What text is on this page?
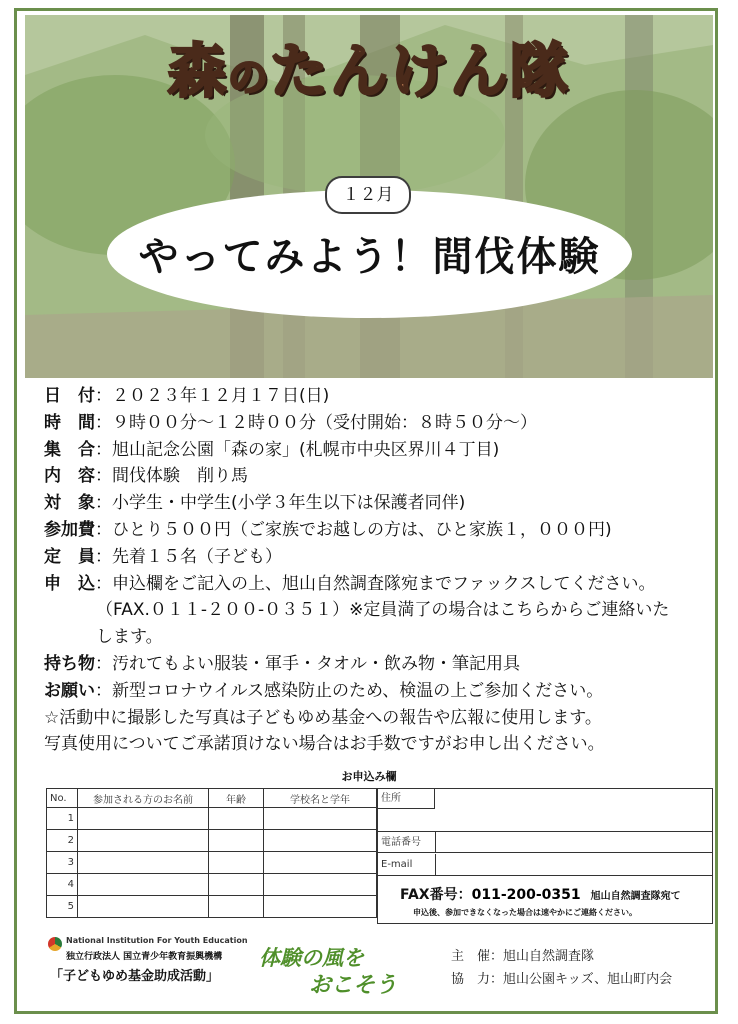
森のたんけん隊
１２月
やってみよう！間伐体験
日　付：２０２３年１２月１７日(日)
時　間：９時００分～１２時００分（受付開始：８時５０分～）
集　合：旭山記念公園「森の家」(札幌市中央区界川４丁目)
内　容：間伐体験　削り馬
対　象：小学生・中学生(小学３年生以下は保護者同伴)
参加費：ひとり５００円（ご家族でお越しの方は、ひと家族１，０００円)
定　員：先着１５名（子ども）
申　込：申込欄をご記入の上、旭山自然調査隊宛までファックスしてください。
（FAX.０１１-２００-０３５１）※定員満了の場合はこちらからご連絡いた
します。
持ち物：汚れてもよい服装・軍手・タオル・飲み物・筆記用具
お願い：新型コロナウイルス感染防止のため、検温の上ご参加ください。
☆活動中に撮影した写真は子どもゆめ基金への報告や広報に使用します。
写真使用についてご承諾頂けない場合はお手数ですがお申し出ください。
お申込み欄
No.	参加される方のお名前	年齢	学校名と学年
1			
2			
3			
4			
5			
住所
電話番号
E-mail
FAX番号：011-200-0351 旭山自然調査隊宛て
申込後、参加できなくなった場合は速やかにご連絡ください。
National Institution For Youth Education
独立行政法人 国立青少年教育振興機構
「子どもゆめ基金助成活動」
体験の風を
おこそう
主　催：旭山自然調査隊
協　力：旭山公園キッズ、旭山町内会
